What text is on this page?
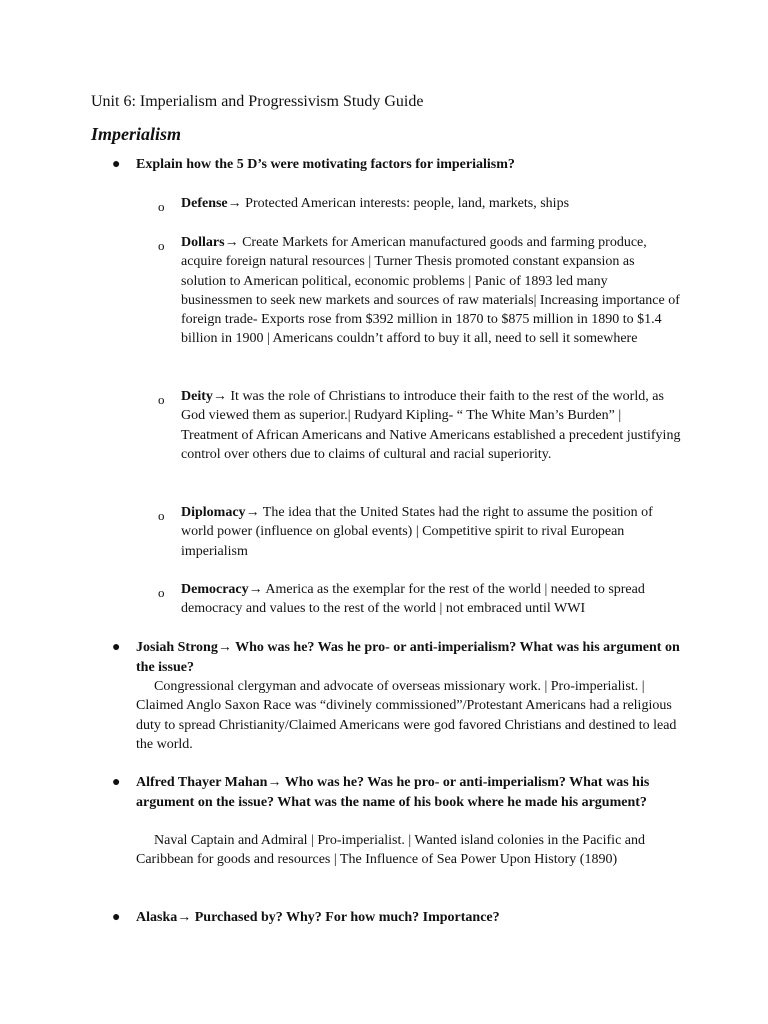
Unit 6: Imperialism and Progressivism Study Guide
Imperialism
● Explain how the 5 D’s were motivating factors for imperialism?
o Defense→ Protected American interests: people, land, markets, ships
o Dollars→ Create Markets for American manufactured goods and farming produce, acquire foreign natural resources | Turner Thesis promoted constant expansion as solution to American political, economic problems | Panic of 1893 led many businessmen to seek new markets and sources of raw materials| Increasing importance of foreign trade- Exports rose from $392 million in 1870 to $875 million in 1890 to $1.4 billion in 1900 | Americans couldn’t afford to buy it all, need to sell it somewhere
o Deity→ It was the role of Christians to introduce their faith to the rest of the world, as God viewed them as superior.| Rudyard Kipling- “ The White Man’s Burden” | Treatment of African Americans and Native Americans established a precedent justifying control over others due to claims of cultural and racial superiority.
o Diplomacy→ The idea that the United States had the right to assume the position of world power (influence on global events) | Competitive spirit to rival European imperialism
o Democracy→ America as the exemplar for the rest of the world | needed to spread democracy and values to the rest of the world | not embraced until WWI
● Josiah Strong→ Who was he? Was he pro- or anti-imperialism? What was his argument on the issue?
Congressional clergyman and advocate of overseas missionary work. | Pro-imperialist. | Claimed Anglo Saxon Race was “divinely commissioned”/Protestant Americans had a religious duty to spread Christianity/Claimed Americans were god favored Christians and destined to lead the world.
● Alfred Thayer Mahan→ Who was he? Was he pro- or anti-imperialism? What was his argument on the issue? What was the name of his book where he made his argument?
Naval Captain and Admiral | Pro-imperialist. | Wanted island colonies in the Pacific and Caribbean for goods and resources | The Influence of Sea Power Upon History (1890)
● Alaska→ Purchased by? Why? For how much? Importance?
